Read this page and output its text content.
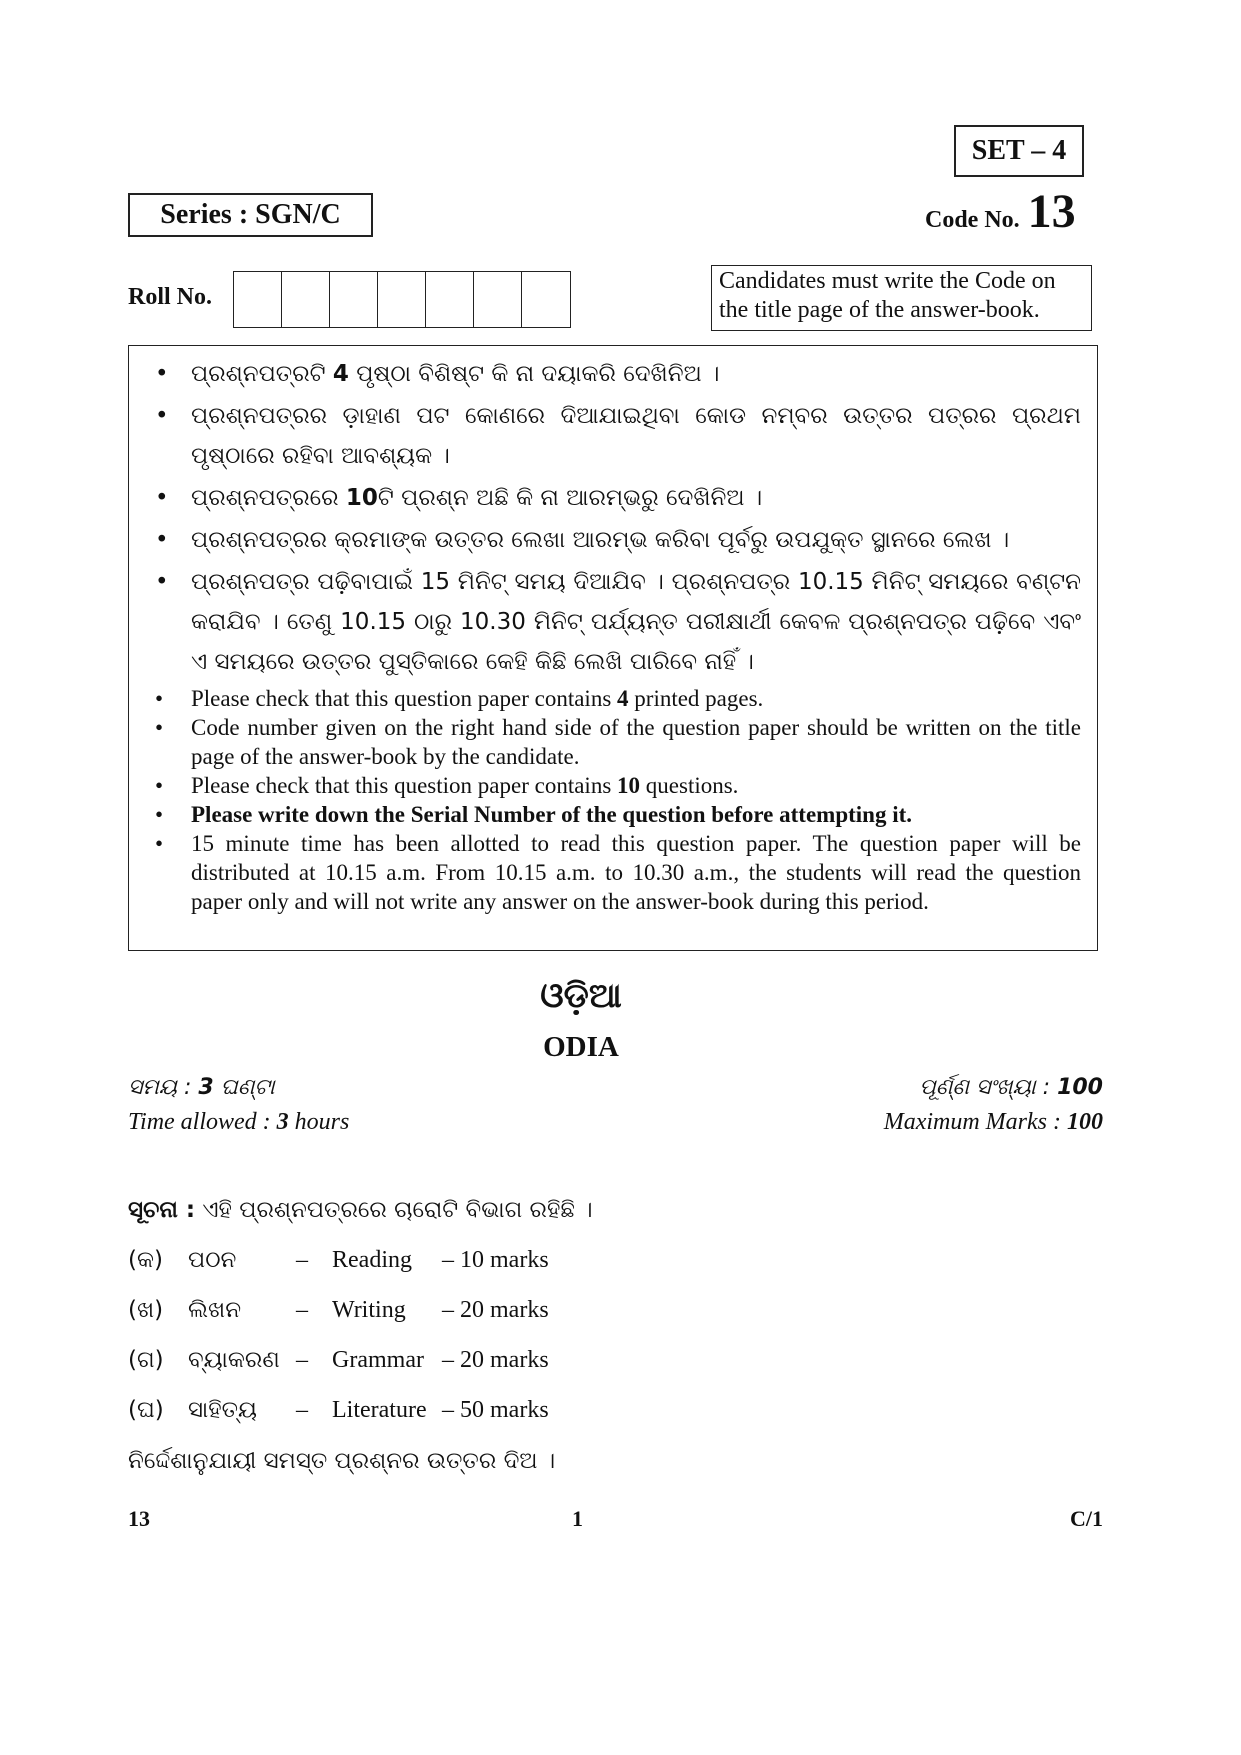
SET – 4
Series : SGN/C	Code No. 13
Roll No.
Candidates must write the Code on the title page of the answer-book.
• ପ୍ରଶ୍ନପତ୍ରଟି 4 ପୃଷ୍ଠା ବିଶିଷ୍ଟ କି ନା ଦୟାକରି ଦେଖିନିଅ ।
• ପ୍ରଶ୍ନପତ୍ରର ଡ଼ାହାଣ ପଟ କୋଣରେ ଦିଆଯାଇଥିବା କୋଡ ନମ୍ବର ଉତ୍ତର ପତ୍ରର ପ୍ରଥମ ପୃଷ୍ଠାରେ ରହିବା ଆବଶ୍ୟକ ।
• ପ୍ରଶ୍ନପତ୍ରରେ 10ଟି ପ୍ରଶ୍ନ ଅଛି କି ନା ଆରମ୍ଭରୁ ଦେଖିନିଅ ।
• ପ୍ରଶ୍ନପତ୍ରର କ୍ରମାଙ୍କ ଉତ୍ତର ଲେଖା ଆରମ୍ଭ କରିବା ପୂର୍ବରୁ ଉପଯୁକ୍ତ ସ୍ଥାନରେ ଲେଖ ।
• ପ୍ରଶ୍ନପତ୍ର ପଢ଼ିବାପାଇଁ 15 ମିନିଟ୍ ସମୟ ଦିଆଯିବ । ପ୍ରଶ୍ନପତ୍ର 10.15 ମିନିଟ୍ ସମୟରେ ବଣ୍ଟନ କରାଯିବ । ତେଣୁ 10.15 ଠାରୁ 10.30 ମିନିଟ୍ ପର୍ଯ୍ୟନ୍ତ ପରୀକ୍ଷାର୍ଥୀ କେବଳ ପ୍ରଶ୍ନପତ୍ର ପଢ଼ିବେ ଏବଂ ଏ ସମୟରେ ଉତ୍ତର ପୁସ୍ତିକାରେ କେହି କିଛି ଲେଖି ପାରିବେ ନାହିଁ ।
• Please check that this question paper contains 4 printed pages.
• Code number given on the right hand side of the question paper should be written on the title page of the answer-book by the candidate.
• Please check that this question paper contains 10 questions.
• Please write down the Serial Number of the question before attempting it.
• 15 minute time has been allotted to read this question paper. The question paper will be distributed at 10.15 a.m. From 10.15 a.m. to 10.30 a.m., the students will read the question paper only and will not write any answer on the answer-book during this period.
ଓଡ଼ିଆ
ODIA
ସମୟ : 3 ଘଣ୍ଟା
Time allowed : 3 hours
ପୂର୍ଣ୍ଣ ସଂଖ୍ୟା : 100
Maximum Marks : 100
ସୂଚନା : ଏହି ପ୍ରଶ୍ନପତ୍ରରେ ଚାରୋଟି ବିଭାଗ ରହିଛି ।
(କ)	ପଠନ	–	Reading	– 10 marks
(ଖ)	ଲିଖନ	–	Writing	– 20 marks
(ଗ)	ବ୍ୟାକରଣ –	Grammar – 20 marks
(ଘ)	ସାହିତ୍ୟ	–	Literature – 50 marks
ନିର୍ଦ୍ଦେଶାନୁଯାୟୀ ସମସ୍ତ ପ୍ରଶ୍ନର ଉତ୍ତର ଦିଅ ।
13	1	C/1
